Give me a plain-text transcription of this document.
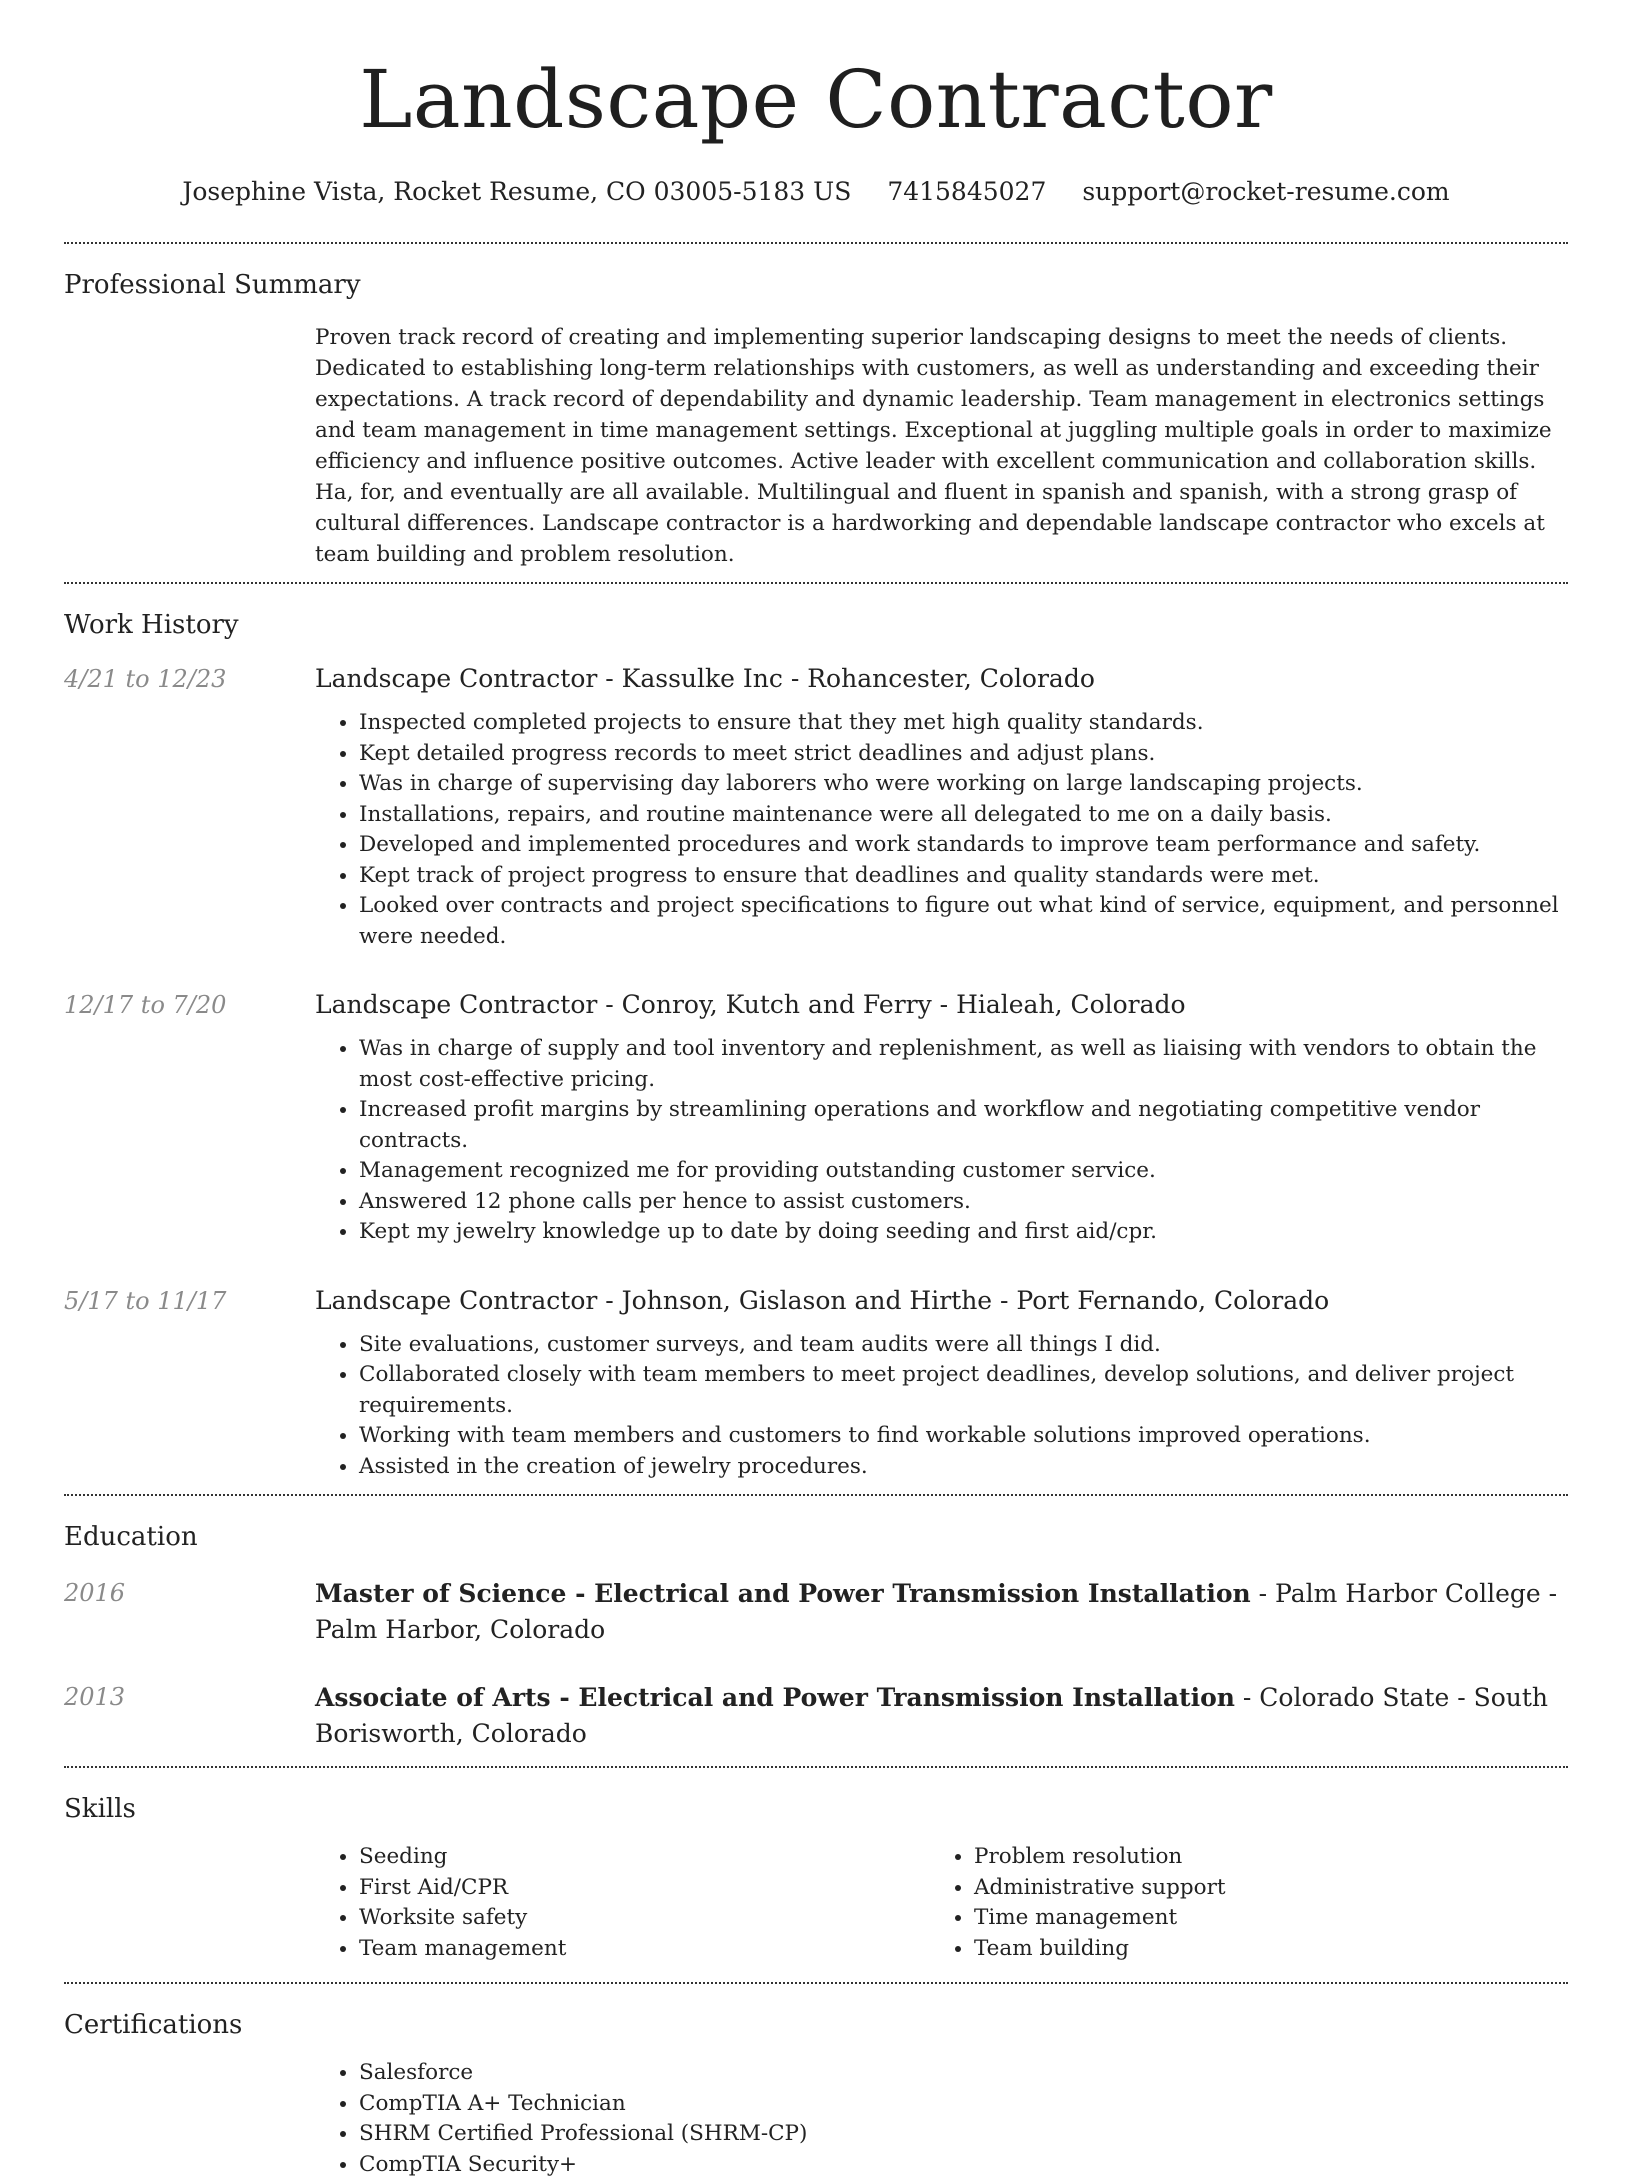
Landscape Contractor
Josephine Vista, Rocket Resume, CO 03005-5183 US 7415845027 support@rocket-resume.com
Professional Summary

Proven track record of creating and implementing superior landscaping designs to meet the needs of clients. Dedicated to establishing long-term relationships with customers, as well as understanding and exceeding their expectations. A track record of dependability and dynamic leadership. Team management in electronics settings and team management in time management settings. Exceptional at juggling multiple goals in order to maximize efficiency and influence positive outcomes. Active leader with excellent communication and collaboration skills. Ha, for, and eventually are all available. Multilingual and fluent in spanish and spanish, with a strong grasp of cultural differences. Landscape contractor is a hardworking and dependable landscape contractor who excels at team building and problem resolution.

Work History
4/21 to 12/23	Landscape Contractor - Kassulke Inc - Rohancester, Colorado
• Inspected completed projects to ensure that they met high quality standards.
• Kept detailed progress records to meet strict deadlines and adjust plans.
• Was in charge of supervising day laborers who were working on large landscaping projects.
• Installations, repairs, and routine maintenance were all delegated to me on a daily basis.
• Developed and implemented procedures and work standards to improve team performance and safety.
• Kept track of project progress to ensure that deadlines and quality standards were met.
• Looked over contracts and project specifications to figure out what kind of service, equipment, and personnel were needed.
12/17 to 7/20	Landscape Contractor - Conroy, Kutch and Ferry - Hialeah, Colorado
• Was in charge of supply and tool inventory and replenishment, as well as liaising with vendors to obtain the most cost-effective pricing.
• Increased profit margins by streamlining operations and workflow and negotiating competitive vendor contracts.
• Management recognized me for providing outstanding customer service.
• Answered 12 phone calls per hence to assist customers.
• Kept my jewelry knowledge up to date by doing seeding and first aid/cpr.
5/17 to 11/17	Landscape Contractor - Johnson, Gislason and Hirthe - Port Fernando, Colorado
• Site evaluations, customer surveys, and team audits were all things I did.
• Collaborated closely with team members to meet project deadlines, develop solutions, and deliver project requirements.
• Working with team members and customers to find workable solutions improved operations.
• Assisted in the creation of jewelry procedures.
Education
2016	Master of Science - Electrical and Power Transmission Installation - Palm Harbor College - Palm Harbor, Colorado
2013	Associate of Arts - Electrical and Power Transmission Installation - Colorado State - South Borisworth, Colorado
Skills
• Seeding
• First Aid/CPR
• Worksite safety
• Team management
• Problem resolution
• Administrative support
• Time management
• Team building
Certifications
• Salesforce
• CompTIA A+ Technician
• SHRM Certified Professional (SHRM-CP)
• CompTIA Security+
